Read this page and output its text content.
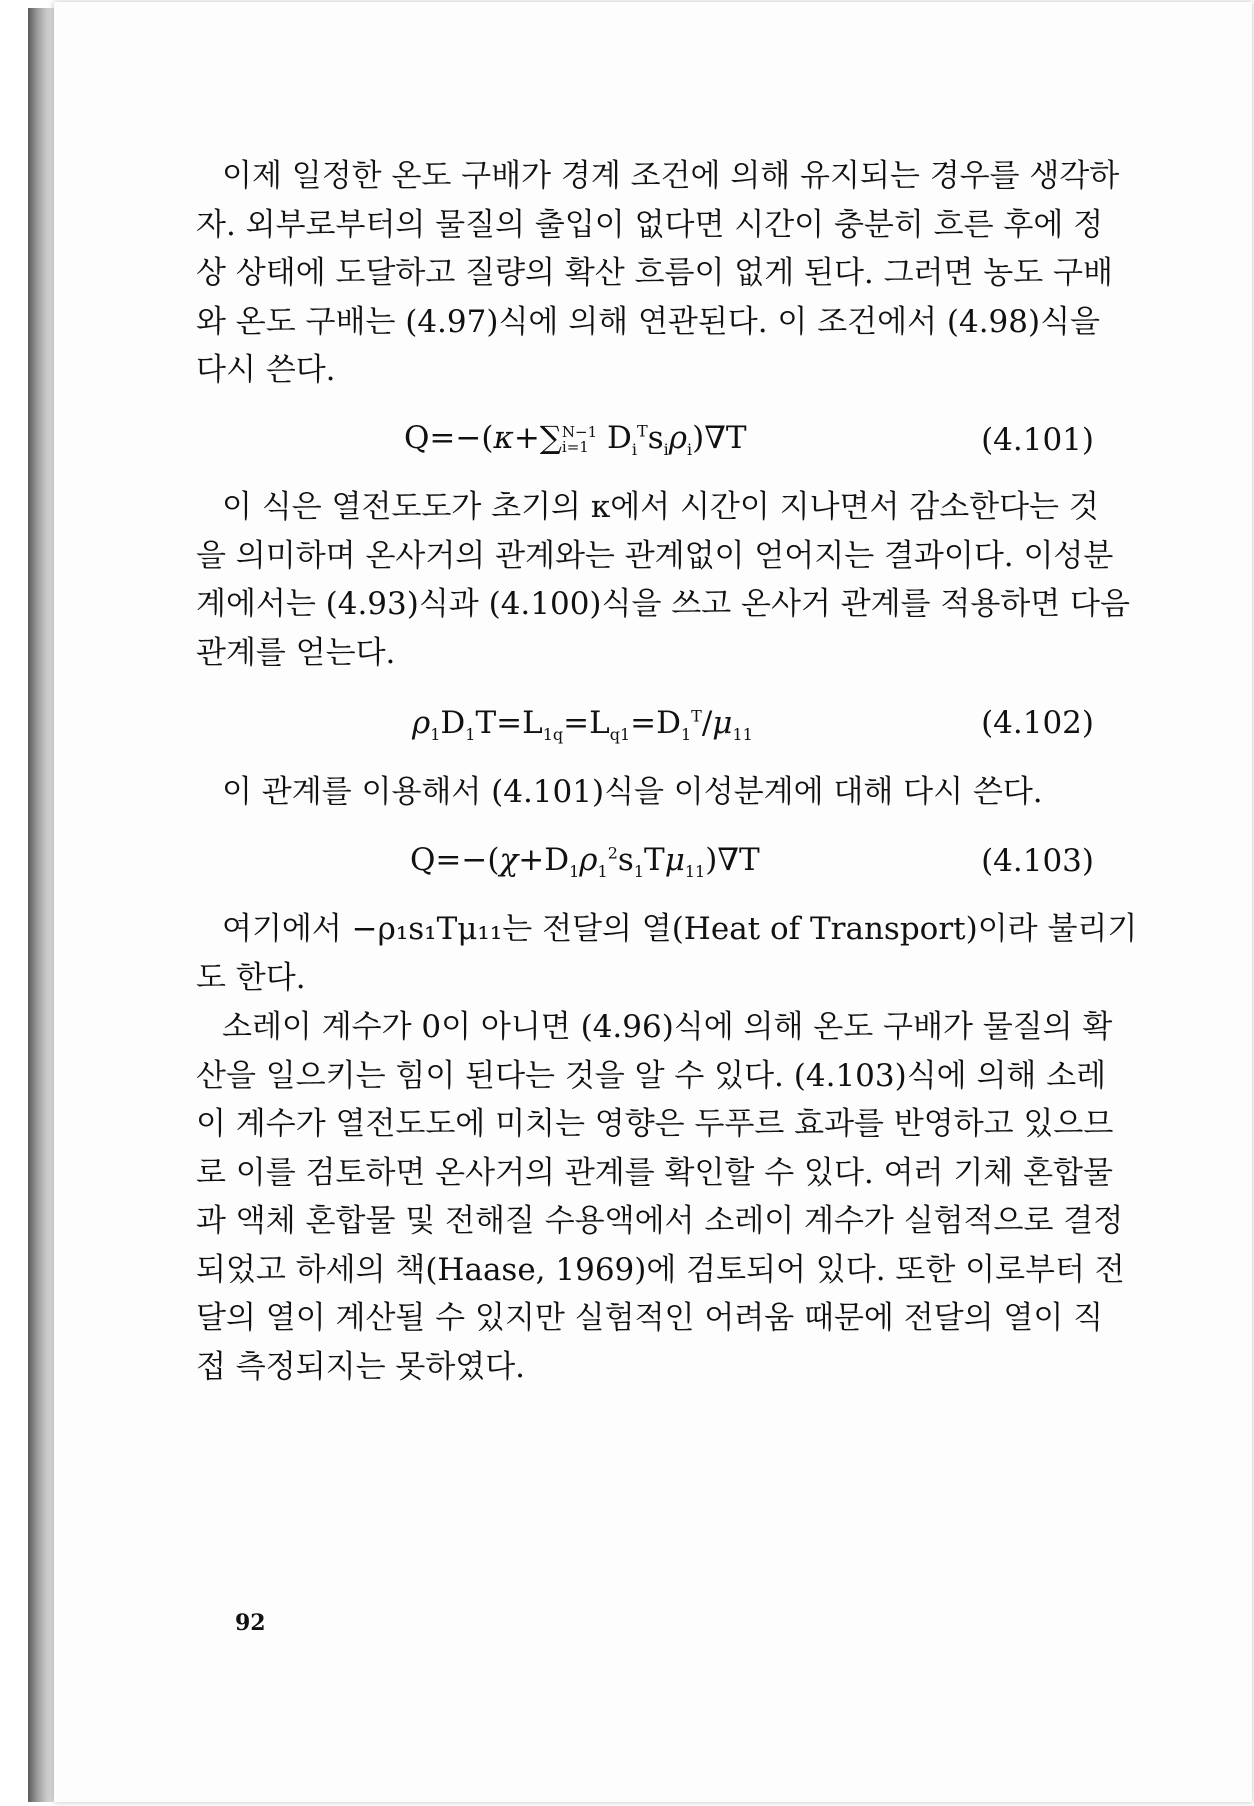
이제 일정한 온도 구배가 경계 조건에 의해 유지되는 경우를 생각하
자. 외부로부터의 물질의 출입이 없다면 시간이 충분히 흐른 후에 정
상 상태에 도달하고 질량의 확산 흐름이 없게 된다. 그러면 농도 구배
와 온도 구배는 (4.97)식에 의해 연관된다. 이 조건에서 (4.98)식을
다시 쓴다.
Q=−(κ+∑ N−1
i=1 $D_i^Ts_i\rho_i)\nabla T$	(4.101)
이 식은 열전도도가 초기의 κ에서 시간이 지나면서 감소한다는 것
을 의미하며 온사거의 관계와는 관계없이 얻어지는 결과이다. 이성분
계에서는 (4.93)식과 (4.100)식을 쓰고 온사거 관계를 적용하면 다음
관계를 얻는다.
$\rho_1D_1T=L_{1q}=L_{q1}=D_1^T/\mu_{11}$	(4.102)
이 관계를 이용해서 (4.101)식을 이성분계에 대해 다시 쓴다.
$Q=-(\chi+D_1\rho_1^2s_1T\mu_{11})\nabla T$	(4.103)
여기에서 −ρ₁s₁Tμ₁₁는 전달의 열(Heat of Transport)이라 불리기
도 한다.
소레이 계수가 0이 아니면 (4.96)식에 의해 온도 구배가 물질의 확
산을 일으키는 힘이 된다는 것을 알 수 있다. (4.103)식에 의해 소레
이 계수가 열전도도에 미치는 영향은 두푸르 효과를 반영하고 있으므
로 이를 검토하면 온사거의 관계를 확인할 수 있다. 여러 기체 혼합물
과 액체 혼합물 및 전해질 수용액에서 소레이 계수가 실험적으로 결정
되었고 하세의 책(Haase, 1969)에 검토되어 있다. 또한 이로부터 전
달의 열이 계산될 수 있지만 실험적인 어려움 때문에 전달의 열이 직
접 측정되지는 못하였다.
92
